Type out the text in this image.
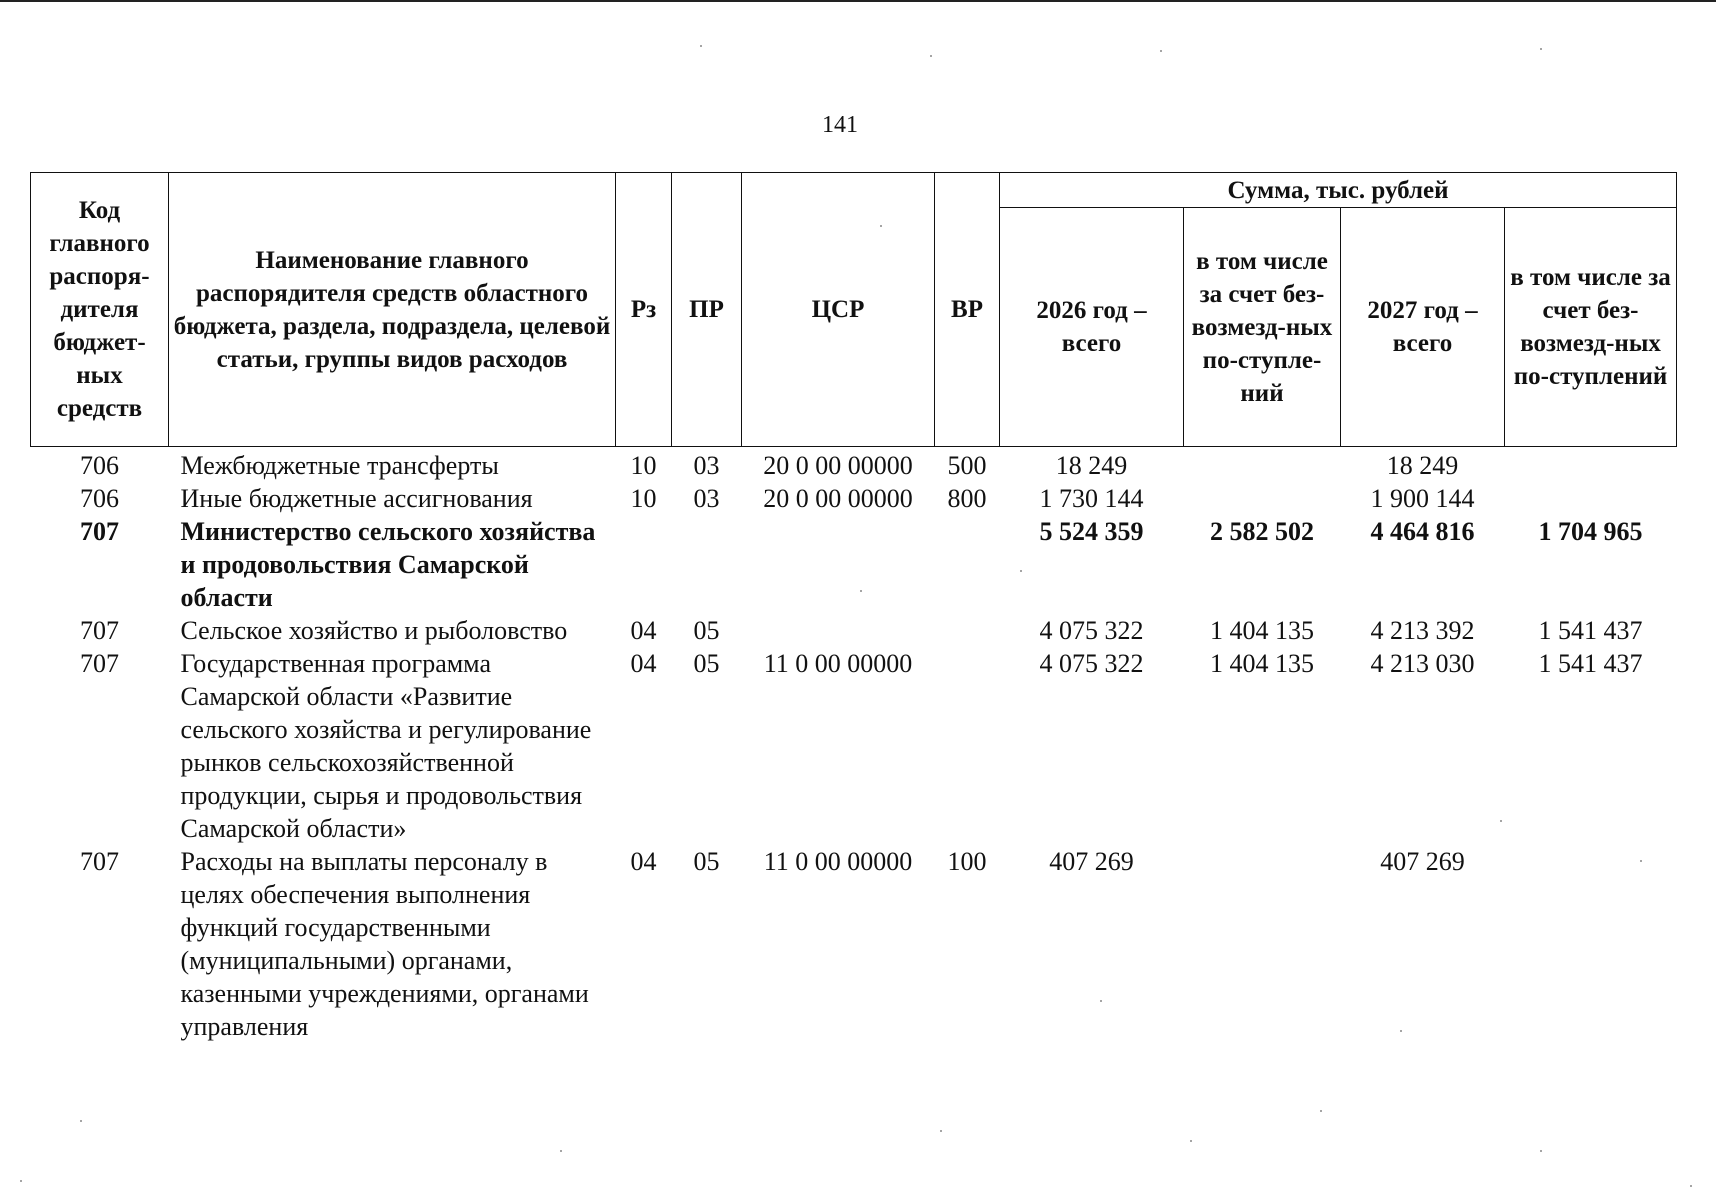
141
Код главного распоря-дителя бюджет-ных средств	Наименование главного распорядителя средств областного бюджета, раздела, подраздела, целевой статьи, группы видов расходов	Рз	ПР	ЦСР	ВР	Сумма, тыс. рублей			
						2026 год – всего	в том числе за счет без-возмезд-ных по-ступле-ний	2027 год – всего	в том числе за счет без-возмезд-ных по-ступлений
706	Межбюджетные трансферты	10	03	20 0 00 00000	500	18 249		18 249	
706	Иные бюджетные ассигнования	10	03	20 0 00 00000	800	1 730 144		1 900 144	
707	Министерство сельского хозяйства и продовольствия Самарской области					5 524 359	2 582 502	4 464 816	1 704 965
707	Сельское хозяйство и рыболовство	04	05			4 075 322	1 404 135	4 213 392	1 541 437
707	Государственная программа Самарской области «Развитие сельского хозяйства и регулирование рынков сельскохозяйственной продукции, сырья и продовольствия Самарской области»	04	05	11 0 00 00000		4 075 322	1 404 135	4 213 030	1 541 437
707	Расходы на выплаты персоналу в целях обеспечения выполнения функций государственными (муниципальными) органами, казенными учреждениями, органами управления	04	05	11 0 00 00000	100	407 269		407 269	
